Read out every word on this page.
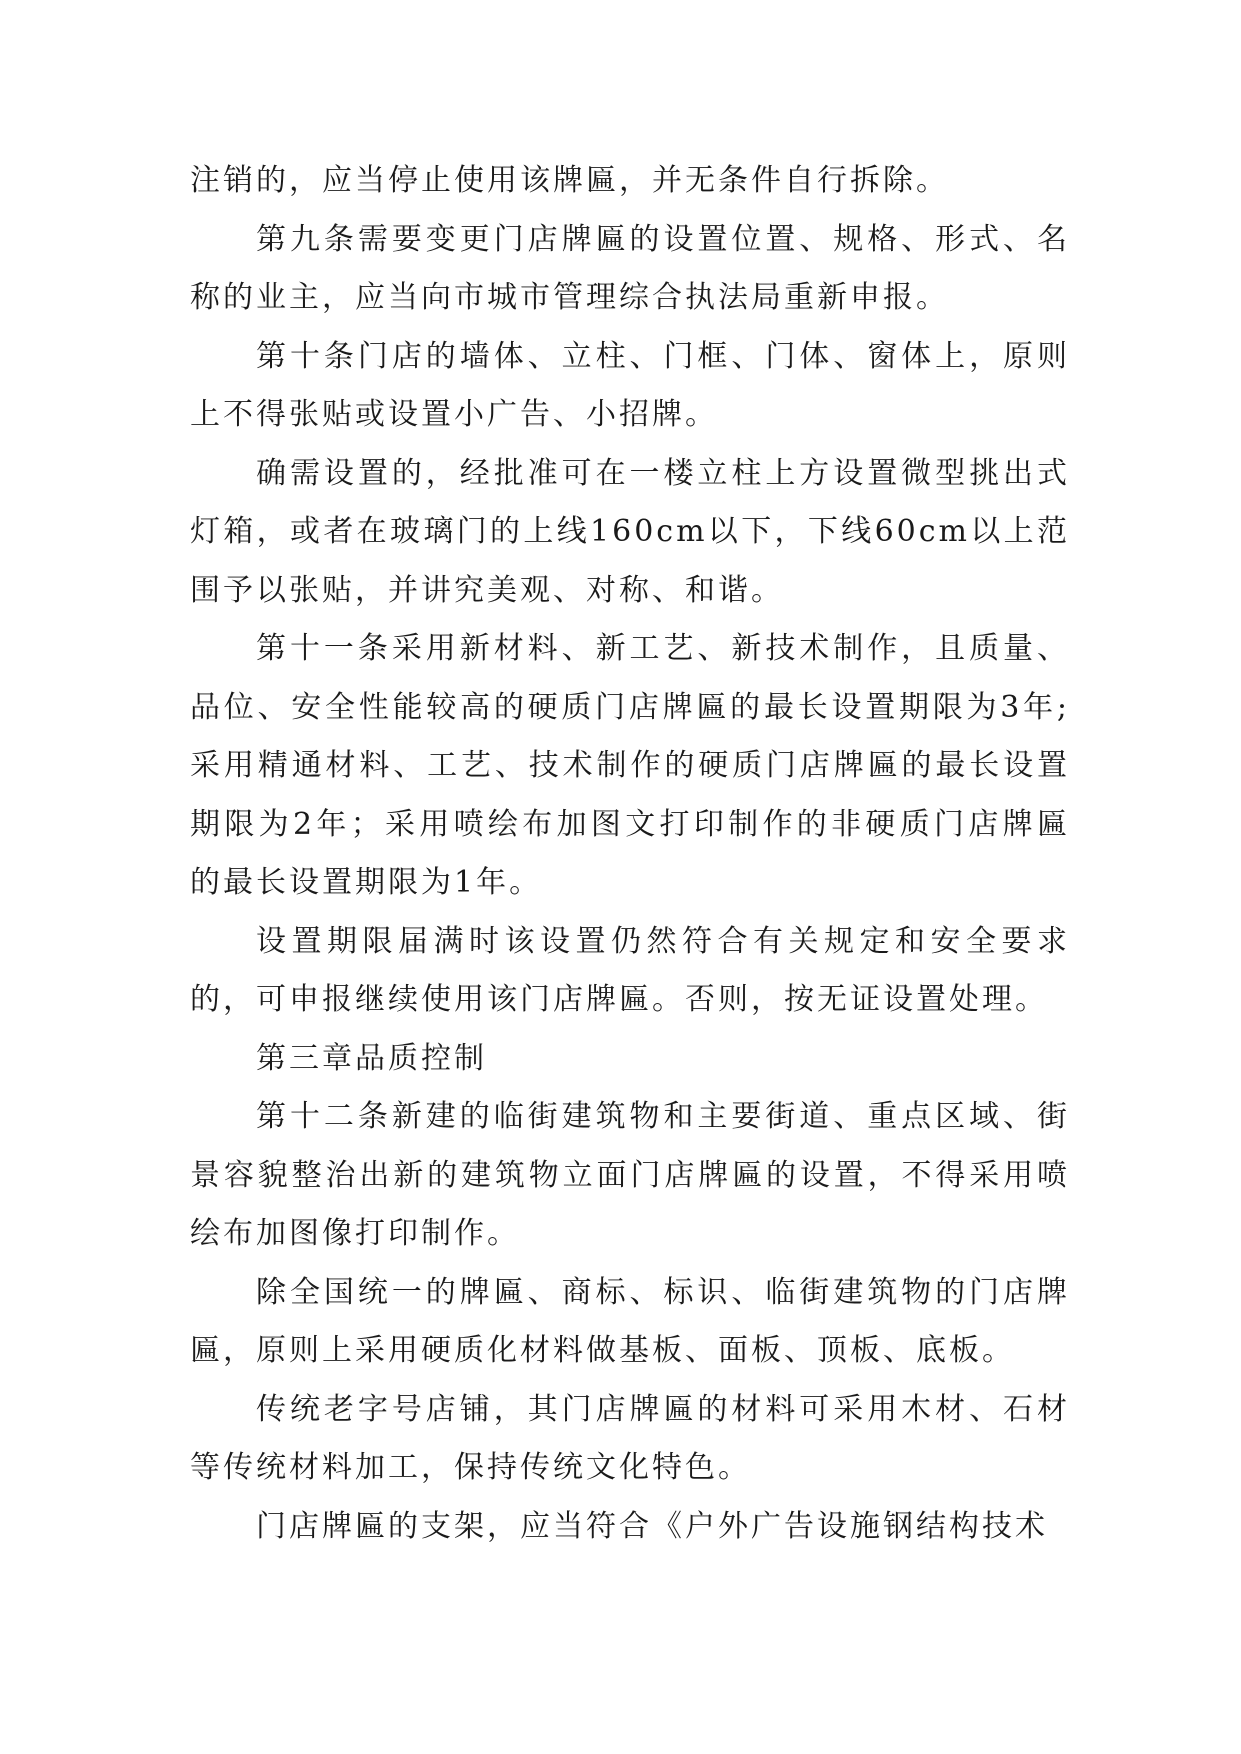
注销的，应当停止使用该牌匾，并无条件自行拆除。

第九条需要变更门店牌匾的设置位置、规格、形式、名称的业主，应当向市城市管理综合执法局重新申报。

第十条门店的墙体、立柱、门框、门体、窗体上，原则上不得张贴或设置小广告、小招牌。

确需设置的，经批准可在一楼立柱上方设置微型挑出式灯箱，或者在玻璃门的上线160cm以下，下线60cm以上范围予以张贴，并讲究美观、对称、和谐。

第十一条采用新材料、新工艺、新技术制作，且质量、品位、安全性能较高的硬质门店牌匾的最长设置期限为3年;采用精通材料、工艺、技术制作的硬质门店牌匾的最长设置期限为2年；采用喷绘布加图文打印制作的非硬质门店牌匾的最长设置期限为1年。

设置期限届满时该设置仍然符合有关规定和安全要求的，可申报继续使用该门店牌匾。否则，按无证设置处理。

第三章品质控制

第十二条新建的临街建筑物和主要街道、重点区域、街景容貌整治出新的建筑物立面门店牌匾的设置，不得采用喷绘布加图像打印制作。

除全国统一的牌匾、商标、标识、临街建筑物的门店牌匾，原则上采用硬质化材料做基板、面板、顶板、底板。

传统老字号店铺，其门店牌匾的材料可采用木材、石材等传统材料加工，保持传统文化特色。

门店牌匾的支架，应当符合《户外广告设施钢结构技术
